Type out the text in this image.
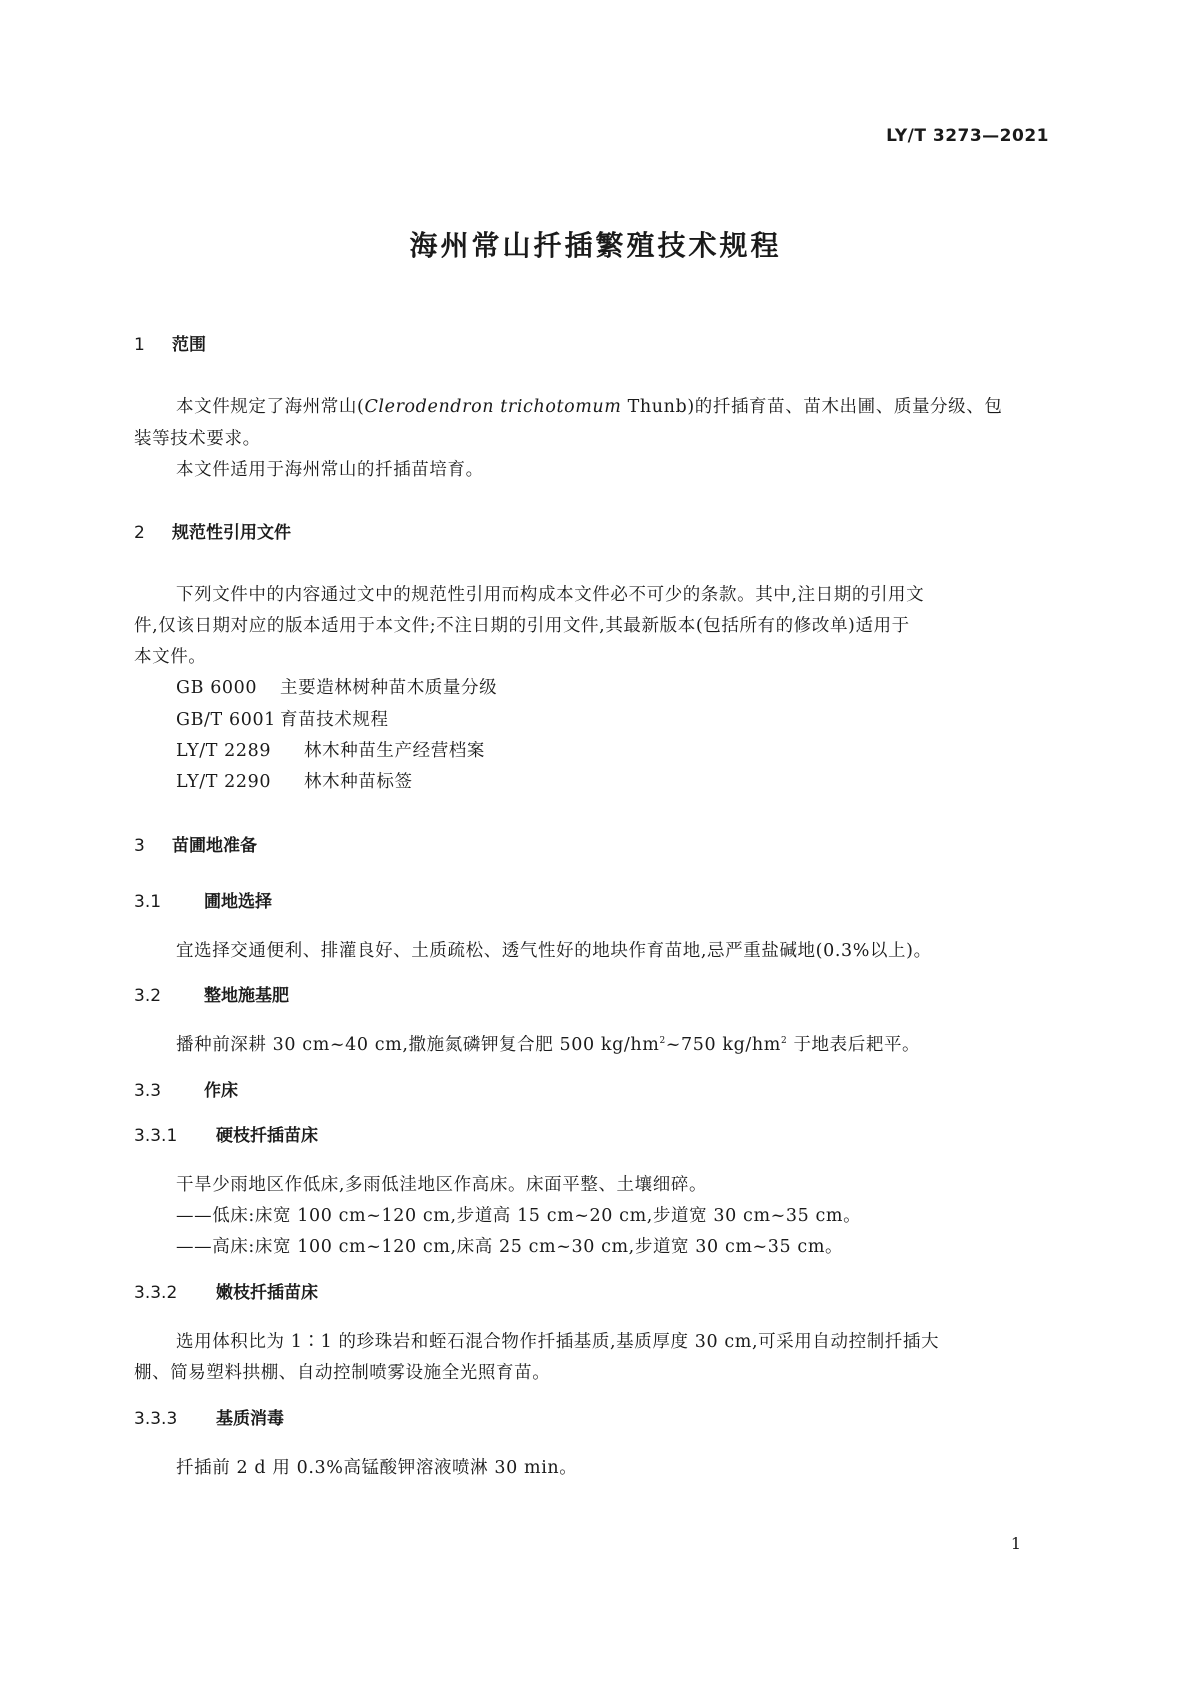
LY/T 3273—2021
海州常山扦插繁殖技术规程
1 范围
本文件规定了海州常山(Clerodendron trichotomum Thunb)的扦插育苗、苗木出圃、质量分级、包
装等技术要求。
本文件适用于海州常山的扦插苗培育。
2 规范性引用文件
下列文件中的内容通过文中的规范性引用而构成本文件必不可少的条款。其中,注日期的引用文
件,仅该日期对应的版本适用于本文件;不注日期的引用文件,其最新版本(包括所有的修改单)适用于
本文件。
GB 6000 主要造林树种苗木质量分级
GB/T 6001 育苗技术规程
LY/T 2289 林木种苗生产经营档案
LY/T 2290 林木种苗标签
3 苗圃地准备
3.1	圃地选择
宜选择交通便利、排灌良好、土质疏松、透气性好的地块作育苗地,忌严重盐碱地(0.3%以上)。
3.2	整地施基肥
播种前深耕 30 cm~40 cm,撒施氮磷钾复合肥 500 $kg/hm^2\sim 750$ $kg/hm^2$ 于地表后耙平。
3.3	作床
3.3.1 硬枝扦插苗床
干旱少雨地区作低床,多雨低洼地区作高床。床面平整、土壤细碎。
——低床:床宽 100 cm~120 cm,步道高 15 cm~20 cm,步道宽 30 cm~35 cm。
——高床:床宽 100 cm~120 cm,床高 25 cm~30 cm,步道宽 30 cm~35 cm。
3.3.2 嫩枝扦插苗床
选用体积比为 1∶1 的珍珠岩和蛭石混合物作扦插基质,基质厚度 30 cm,可采用自动控制扦插大
棚、简易塑料拱棚、自动控制喷雾设施全光照育苗。
3.3.3 基质消毒
扦插前 2 d 用 0.3%高锰酸钾溶液喷淋 30 min。
1
